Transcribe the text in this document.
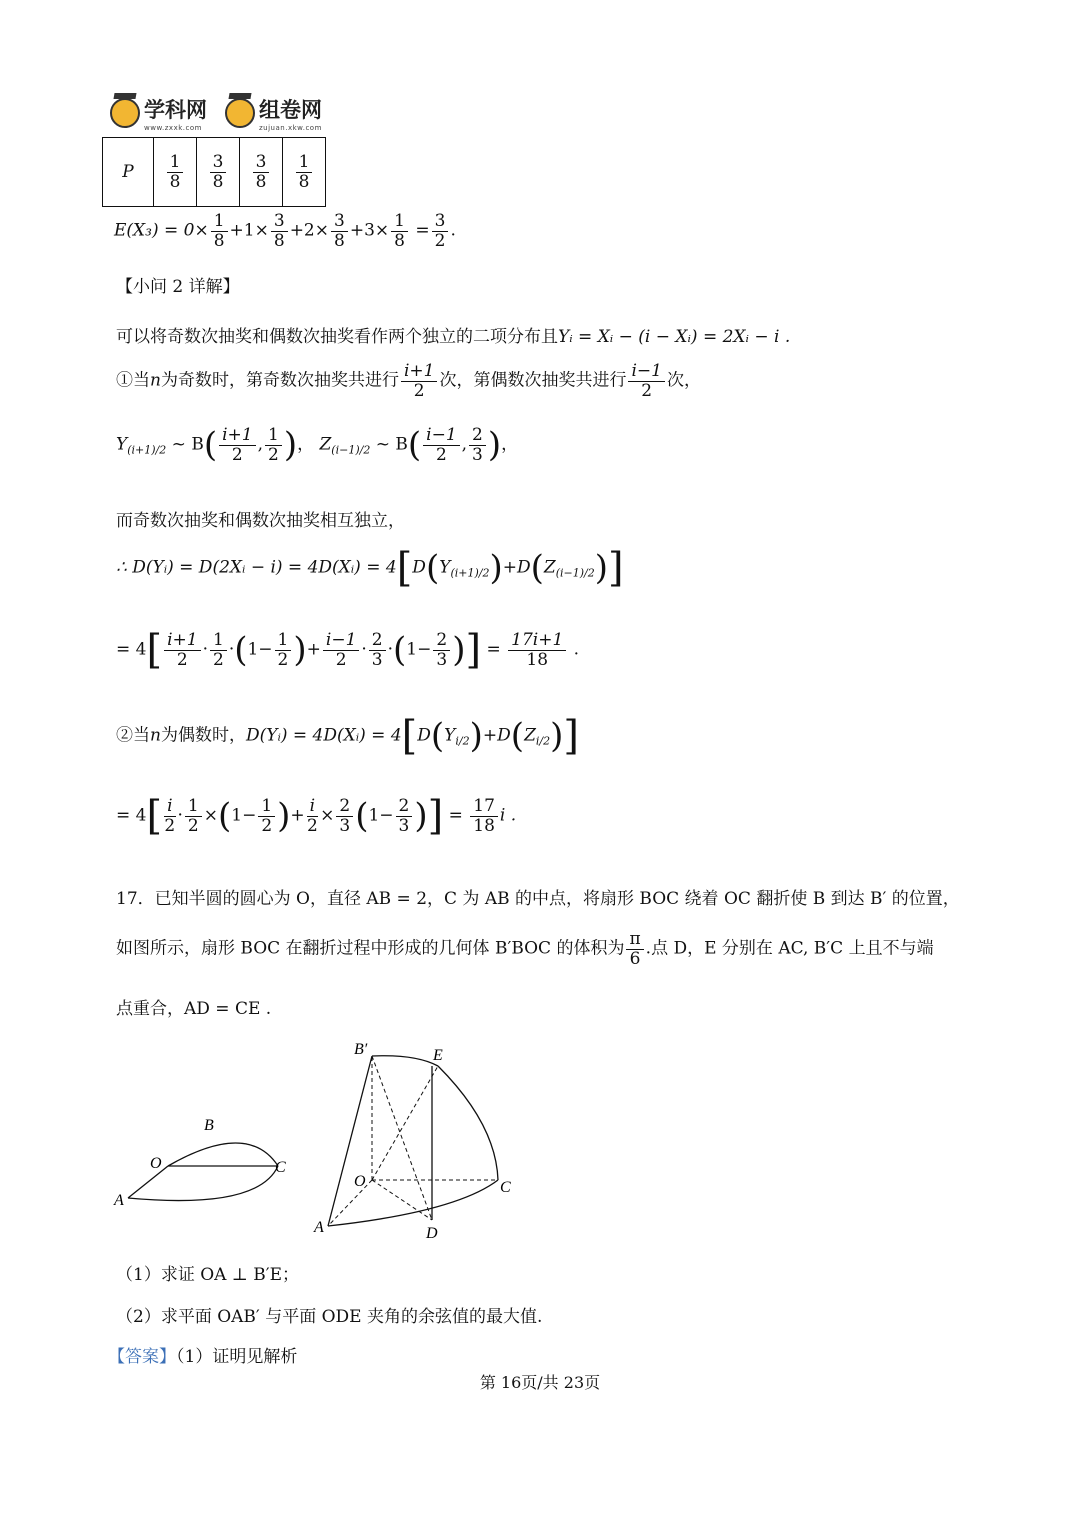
学科网
www.zxxk.com
组卷网
zujuan.xkw.com
P	$\frac{1}{8}$	$\frac{3}{8}$	$\frac{3}{8}$	$\frac{1}{8}$
$E(X_3) = 0\times \frac{1}{8} +1\times \frac{3}{8} +2\times \frac{3}{8} +3\times \frac{1}{8} = \frac{3}{2}$ .
【小问 2 详解】
可以将奇数次抽奖和偶数次抽奖看作两个独立的二项分布且Yᵢ = Xᵢ − (i − Xᵢ) = 2Xᵢ − i .
①当n为奇数时，第奇数次抽奖共进行 $\frac{i+1}{2}$ 次，第偶数次抽奖共进行 $\frac{i-1}{2}$ 次，
$Y_{(i+1)/2}$ ~ $B( \frac{i+1}{2}$ , $\frac{1}{2}$ )， $Z_{(i-1)/2}$ ~ $B( \frac{i-1}{2}$ , $\frac{2}{3}$ )，
而奇数次抽奖和偶数次抽奖相互独立，
∴ D(Yᵢ) = D(2Xᵢ − i) = 4D(Xᵢ) = $4[D(Y_{(i+1)/2})+D(Z_{(i-1)/2})]$
= $4[ \frac{i+1}{2} \cdot \frac{1}{2} \cdot(1- \frac{1}{2}$ )+ $\frac{i-1}{2} \cdot \frac{2}{3} \cdot(1- \frac{2}{3}$ )] = $\frac{17i+1}{18}$ .
②当n为偶数时，D(Yᵢ) = 4D(Xᵢ) = $4[D(Y_{i/2})+D(Z_{i/2})]$
= $4[ \frac{i}{2} \cdot \frac{1}{2} \times(1- \frac{1}{2}$ )+ $\frac{i}{2} \times \frac{2}{3} (1- \frac{2}{3}$ )] = $\frac{17}{18}$ i .
17．已知半圆的圆心为 O，直径 AB = 2，C 为 AB 的中点，将扇形 BOC 绕着 OC 翻折使 B 到达 B′ 的位置，
如图所示，扇形 BOC 在翻折过程中形成的几何体 B′BOC 的体积为 $\frac{\pi}{6}$ .点 D，E 分别在 AC, B′C 上且不与端
点重合，AD = CE .
B
O	C
A
B′	E
O	C
A	D
（1）求证 OA ⊥ B′E；
（2）求平面 OAB′ 与平面 ODE 夹角的余弦值的最大值.
【答案】（1）证明见解析
第 16页/共 23页
